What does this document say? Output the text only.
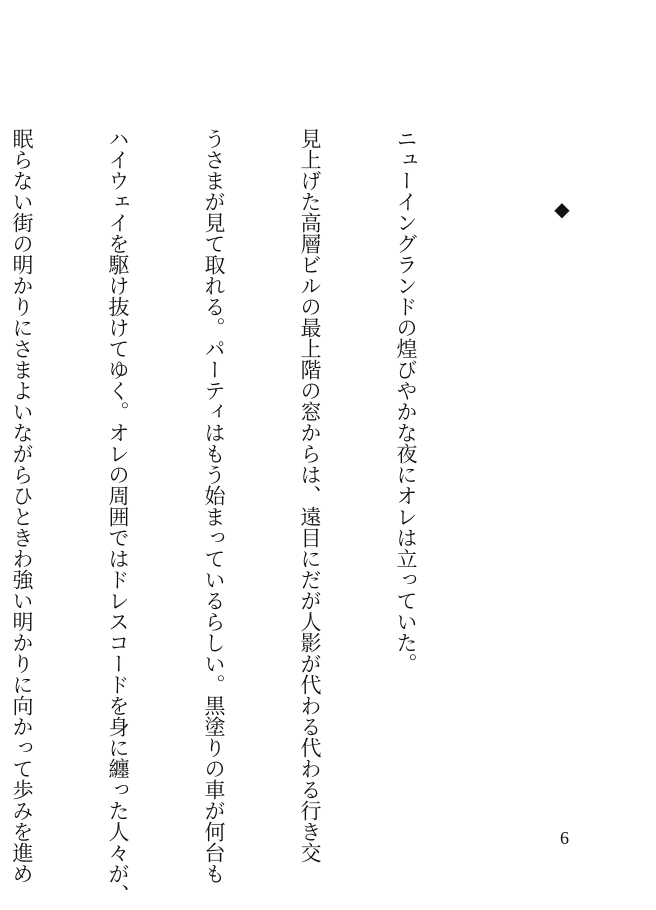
◆

ニューイングランドの煌びやかな夜にオレは立っていた。

見上げた高層ビルの最上階の窓からは、遠目にだが人影が代わる代わる行き交

うさまが見て取れる。パーティはもう始まっているらしい。黒塗りの車が何台も

ハイウェイを駆け抜けてゆく。オレの周囲ではドレスコードを身に纏った人々が、

眠らない街の明かりにさまよいながらひときわ強い明かりに向かって歩みを進め

	6
